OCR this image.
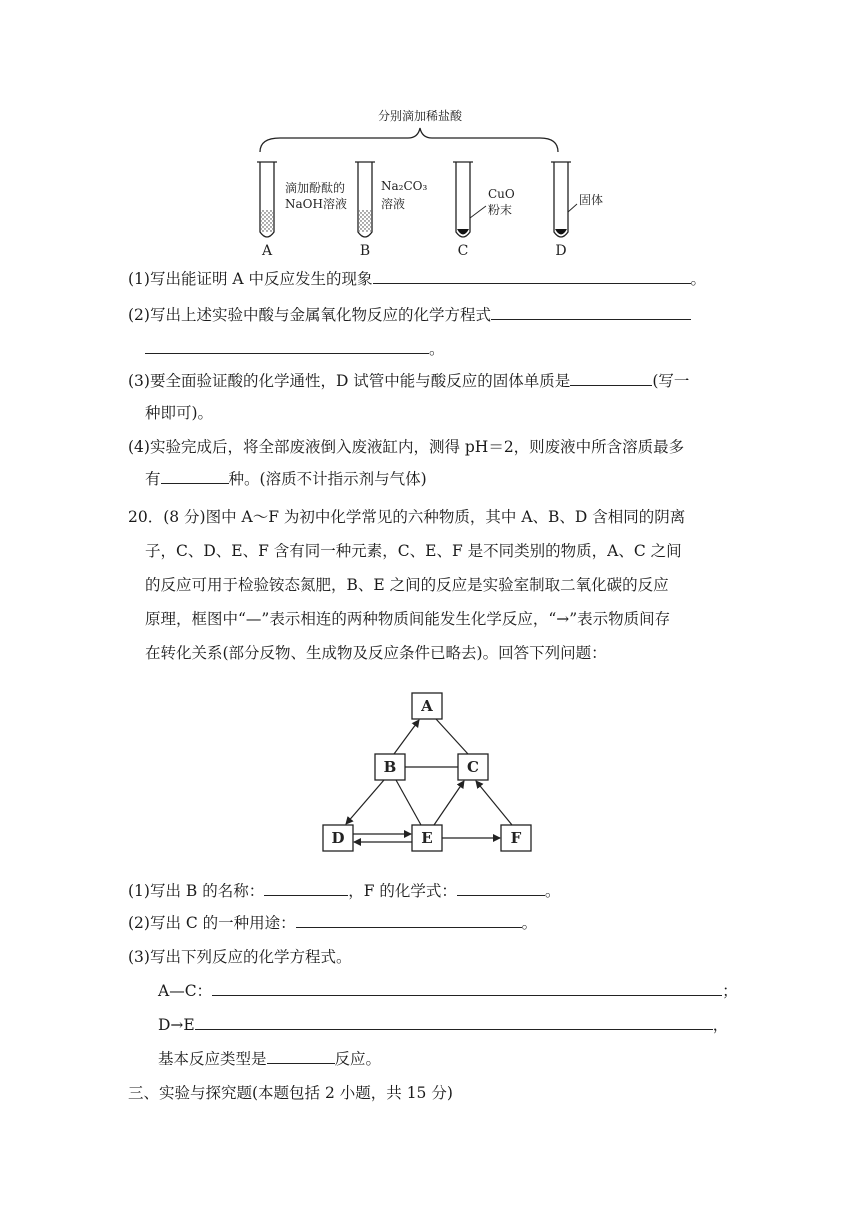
分别滴加稀盐酸
滴加酚酞的
NaOH溶液
A
Na₂CO₃
溶液
B
CuO
粉末
C
固体
D
(1)写出能证明 A 中反应发生的现象	。
(2)写出上述实验中酸与金属氧化物反应的化学方程式
。
(3)要全面验证酸的化学通性，D 试管中能与酸反应的固体单质是	(写一
种即可)。
(4)实验完成后，将全部废液倒入废液缸内，测得 pH＝2，则废液中所含溶质最多
有	种。(溶质不计指示剂与气体)
20．(8 分)图中 A～F 为初中化学常见的六种物质，其中 A、B、D 含相同的阴离
子，C、D、E、F 含有同一种元素，C、E、F 是不同类别的物质，A、C 之间
的反应可用于检验铵态氮肥，B、E 之间的反应是实验室制取二氧化碳的反应
原理，框图中“—”表示相连的两种物质间能发生化学反应，“→”表示物质间存
在转化关系(部分反物、生成物及反应条件已略去)。回答下列问题：
A
B	C
D	E	F
(1)写出 B 的名称：	，F 的化学式：	。
(2)写出 C 的一种用途：	。
(3)写出下列反应的化学方程式。
A—C：	；
D→E	，
基本反应类型是	反应。
三、实验与探究题(本题包括 2 小题，共 15 分)
